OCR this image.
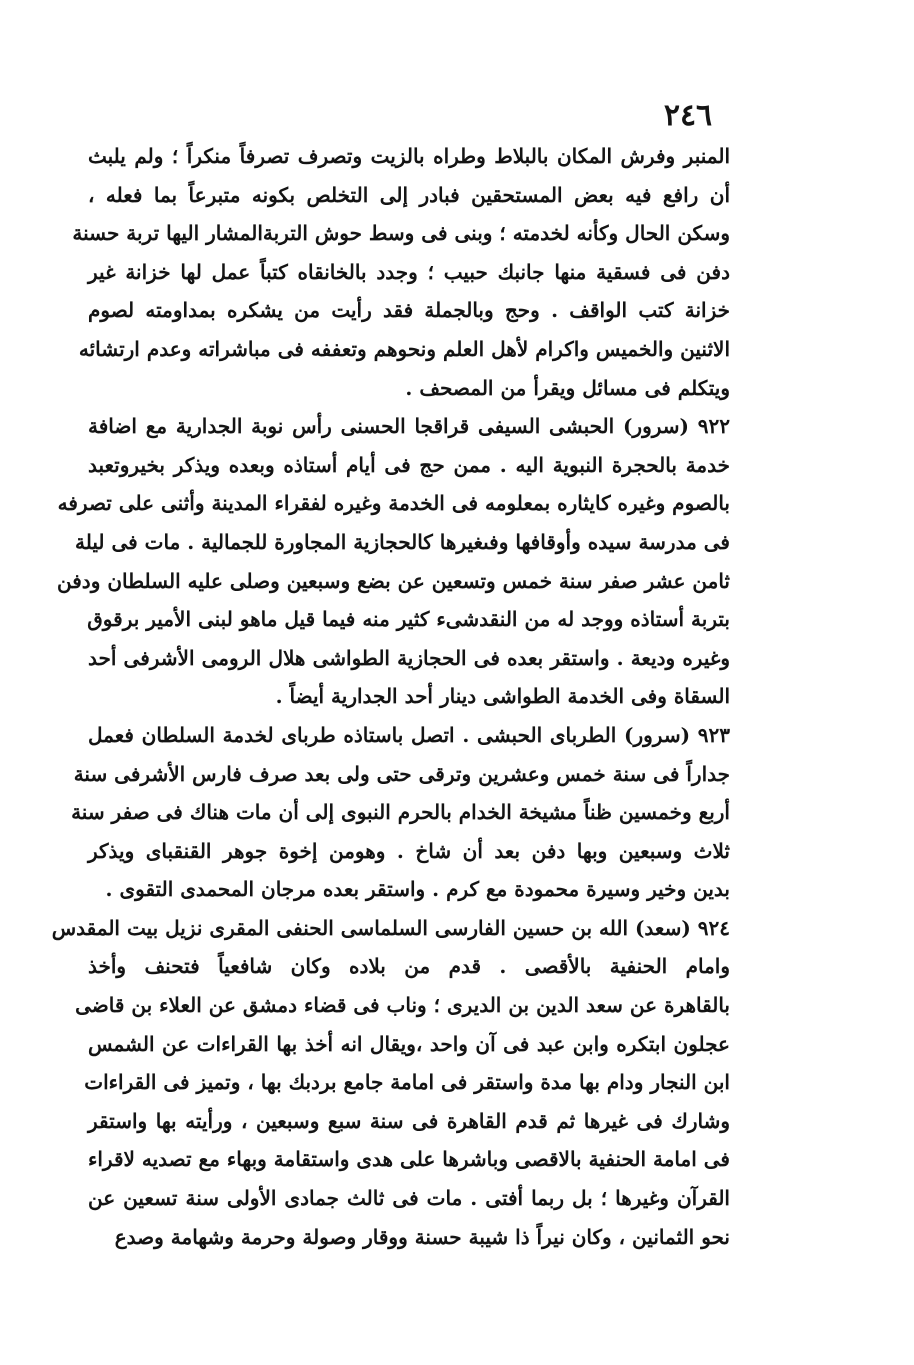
٢٤٦
المنبر وفرش المكان بالبلاط وطراه بالزيت وتصرف تصرفاً منكراً ؛ ولم يلبث
أن رافع فيه بعض المستحقين فبادر إلى التخلص بكونه متبرعاً بما فعله ،
وسكن الحال وكأنه لخدمته ؛ وبنى فى وسط حوش التربةالمشار اليها تربة حسنة
دفن فى فسقية منها جانبك حبيب ؛ وجدد بالخانقاه كتباً عمل لها خزانة غير
خزانة كتب الواقف . وحج وبالجملة فقد رأيت من يشكره بمداومته لصوم
الاثنين والخميس واكرام لأهل العلم ونحوهم وتعففه فى مباشراته وعدم ارتشائه
ويتكلم فى مسائل ويقرأ من المصحف .
٩٢٢ (سرور) الحبشى السيفى قراقجا الحسنى رأس نوبة الجدارية مع اضافة
خدمة بالحجرة النبوية اليه . ممن حج فى أيام أستاذه وبعده ويذكر بخيروتعبد
بالصوم وغيره كايثاره بمعلومه فى الخدمة وغيره لفقراء المدينة وأثنى على تصرفه
فى مدرسة سيده وأوقافها وفىغيرها كالحجازية المجاورة للجمالية . مات فى ليلة
ثامن عشر صفر سنة خمس وتسعين عن بضع وسبعين وصلى عليه السلطان ودفن
بتربة أستاذه ووجد له من النقدشىء كثير منه فيما قيل ماهو لبنى الأمير برقوق
وغيره وديعة . واستقر بعده فى الحجازية الطواشى هلال الرومى الأشرفى أحد
السقاة وفى الخدمة الطواشى دينار أحد الجدارية أيضاً .
٩٢٣ (سرور) الطرباى الحبشى . اتصل باستاذه طرباى لخدمة السلطان فعمل
جداراً فى سنة خمس وعشرين وترقى حتى ولى بعد صرف فارس الأشرفى سنة
أربع وخمسين ظناً مشيخة الخدام بالحرم النبوى إلى أن مات هناك فى صفر سنة
ثلاث وسبعين وبها دفن بعد أن شاخ . وهومن إخوة جوهر القنقباى ويذكر
بدين وخير وسيرة محمودة مع كرم . واستقر بعده مرجان المحمدى التقوى .
٩٢٤ (سعد) الله بن حسين الفارسى السلماسى الحنفى المقرى نزيل بيت المقدس
وامام الحنفية بالأقصى . قدم من بلاده وكان شافعياً فتحنف وأخذ
بالقاهرة عن سعد الدين بن الديرى ؛ وناب فى قضاء دمشق عن العلاء بن قاضى
عجلون ابتكره وابن عبد فى آن واحد ،ويقال انه أخذ بها القراءات عن الشمس
ابن النجار ودام بها مدة واستقر فى امامة جامع بردبك بها ، وتميز فى القراءات
وشارك فى غيرها ثم قدم القاهرة فى سنة سبع وسبعين ، ورأيته بها واستقر
فى امامة الحنفية بالاقصى وباشرها على هدى واستقامة وبهاء مع تصديه لاقراء
القرآن وغيرها ؛ بل ربما أفتى . مات فى ثالث جمادى الأولى سنة تسعين عن
نحو الثمانين ، وكان نيراً ذا شيبة حسنة ووقار وصولة وحرمة وشهامة وصدع
